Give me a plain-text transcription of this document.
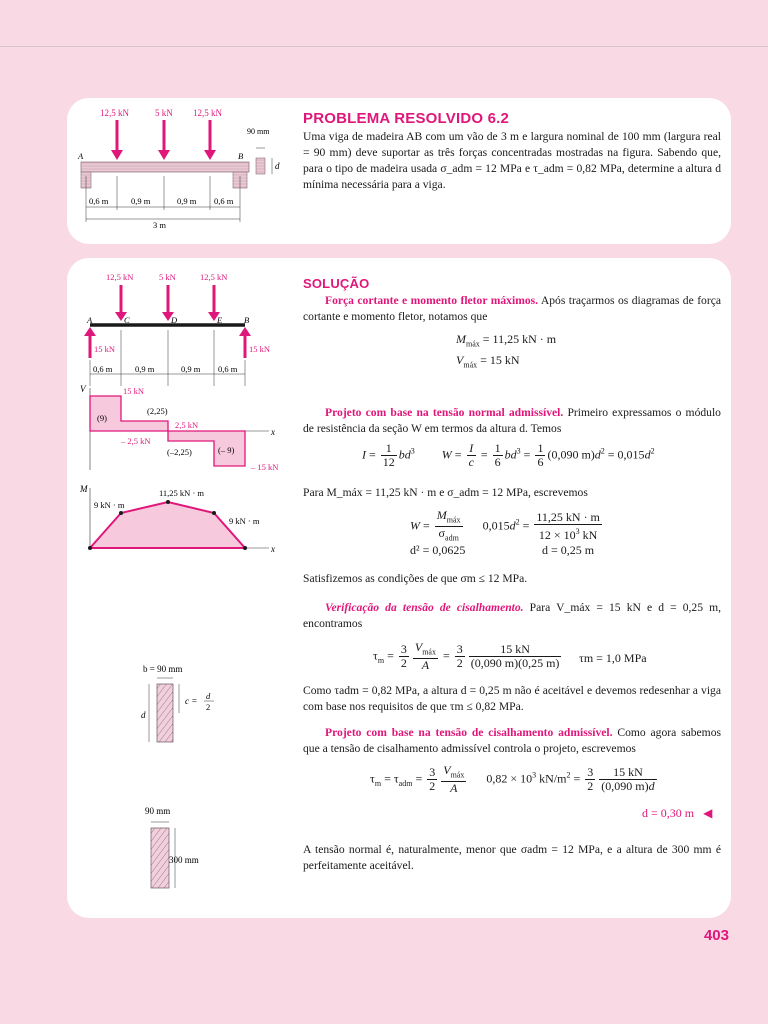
12,5 kN	5 kN 12,5 kN
A	B
90 mm
d
0,6 m	0,9 m	0,9 m 0,6 m
3 m
PROBLEMA RESOLVIDO 6.2
Uma viga de madeira AB com um vão de 3 m e largura nominal de 100 mm (largura real = 90 mm) deve suportar as três forças concentradas mostradas na figura. Sabendo que, para o tipo de madeira usada σ_adm = 12 MPa e τ_adm = 0,82 MPa, determine a altura d mínima necessária para a viga.
12,5 kN	5 kN	12,5 kN
A	C	D	E	B
15 kN	15 kN
0,6 m	0,9 m	0,9 m 0,6 m
V
x
15 kN
(9)
(2,25)
2,5 kN
– 2,5 kN
(–2,25)	(– 9)
– 15 kN
M
x
9 kN · m
11,25 kN · m
9 kN · m
b = 90 mm
d
c = d
2
90 mm
300 mm
SOLUÇÃO
Força cortante e momento fletor máximos. Após traçarmos os diagramas de força cortante e momento fletor, notamos que
$M_{máx} = 11,25$ kN · m
$V_{máx} = 15$ kN
Projeto com base na tensão normal admissível. Primeiro expressamos o módulo de resistência da seção W em termos da altura d. Temos
$I = \frac{1}{12} bd^3$ $W = \frac{I}{c} = \frac{1}{6} bd^3 = \frac{1}{6} (0,090$ $m)d^2 = 0,015d^2$
Para M_máx = 11,25 kN · m e σ_adm = 12 MPa, escrevemos
$W = \frac{M_{máx}}{\sigma_{adm}} 0,015d^2 = \frac{11,25 kN \cdot m}{12 \times 10^3 kN}$
d² = 0,0625	d = 0,25 m
Satisfizemos as condições de que σm ≤ 12 MPa.
Verificação da tensão de cisalhamento. Para V_máx = 15 kN e d = 0,25 m, encontramos
$\tau_m = \frac{3}{2} \frac{V_{máx}}{A} = \frac{3}{2} \frac{15 kN}{(0,090 m)(0,25 m)}$ τm = 1,0 MPa
Como τadm = 0,82 MPa, a altura d = 0,25 m não é aceitável e devemos redesenhar a viga com base nos requisitos de que τm ≤ 0,82 MPa.
Projeto com base na tensão de cisalhamento admissível. Como agora sabemos que a tensão de cisalhamento admissível controla o projeto, escrevemos
$\tau_m = \tau_{adm} = \frac{3}{2} \frac{V_{máx}}{A} 0,82 \times 10^3$ $kN/m^2 = \frac{3}{2} \frac{15 kN}{(0,090 m)d}$
d = 0,30 m ◀
A tensão normal é, naturalmente, menor que σadm = 12 MPa, e a altura de 300 mm é perfeitamente aceitável.
403
